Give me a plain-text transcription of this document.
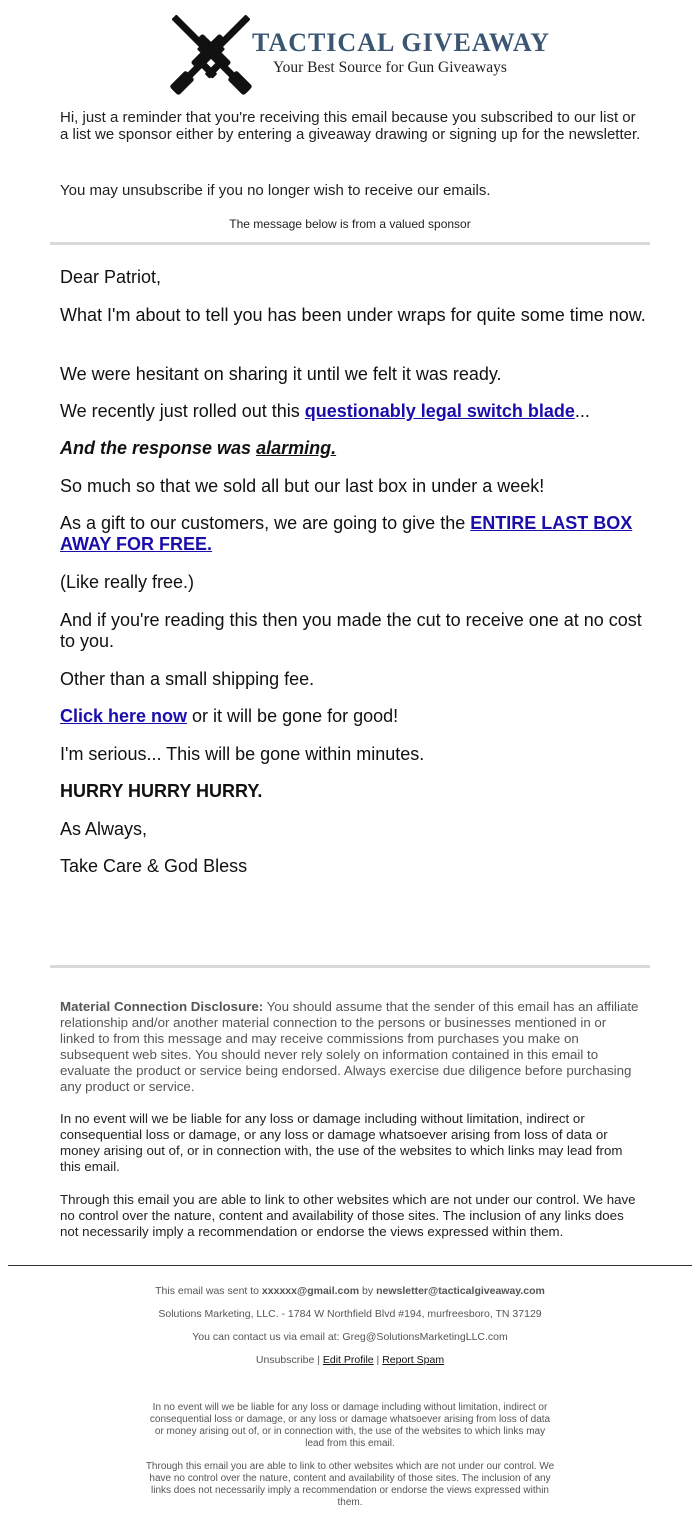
TACTICAL GIVEAWAY
Your Best Source for Gun Giveaways

Hi, just a reminder that you're receiving this email because you subscribed to our list or a list we sponsor either by entering a giveaway drawing or signing up for the newsletter.

You may unsubscribe if you no longer wish to receive our emails.

The message below is from a valued sponsor

Dear Patriot,

What I'm about to tell you has been under wraps for quite some time now.

We were hesitant on sharing it until we felt it was ready.

We recently just rolled out this questionably legal switch blade...

And the response was alarming.

So much so that we sold all but our last box in under a week!

As a gift to our customers, we are going to give the ENTIRE LAST BOX AWAY FOR FREE.

(Like really free.)

And if you're reading this then you made the cut to receive one at no cost to you.

Other than a small shipping fee.

Click here now or it will be gone for good!

I'm serious... This will be gone within minutes.

HURRY HURRY HURRY.

As Always,

Take Care & God Bless

Material Connection Disclosure: You should assume that the sender of this email has an affiliate relationship and/or another material connection to the persons or businesses mentioned in or linked to from this message and may receive commissions from purchases you make on subsequent web sites. You should never rely solely on information contained in this email to evaluate the product or service being endorsed. Always exercise due diligence before purchasing any product or service.

In no event will we be liable for any loss or damage including without limitation, indirect or consequential loss or damage, or any loss or damage whatsoever arising from loss of data or money arising out of, or in connection with, the use of the websites to which links may lead from this email.

Through this email you are able to link to other websites which are not under our control. We have no control over the nature, content and availability of those sites. The inclusion of any links does not necessarily imply a recommendation or endorse the views expressed within them.

This email was sent to xxxxxx@gmail.com by newsletter@tacticalgiveaway.com

Solutions Marketing, LLC. - 1784 W Northfield Blvd #194, murfreesboro, TN 37129

You can contact us via email at: Greg@SolutionsMarketingLLC.com

Unsubscribe | Edit Profile | Report Spam

In no event will we be liable for any loss or damage including without limitation, indirect or consequential loss or damage, or any loss or damage whatsoever arising from loss of data or money arising out of, or in connection with, the use of the websites to which links may lead from this email.

Through this email you are able to link to other websites which are not under our control. We have no control over the nature, content and availability of those sites. The inclusion of any links does not necessarily imply a recommendation or endorse the views expressed within them.
